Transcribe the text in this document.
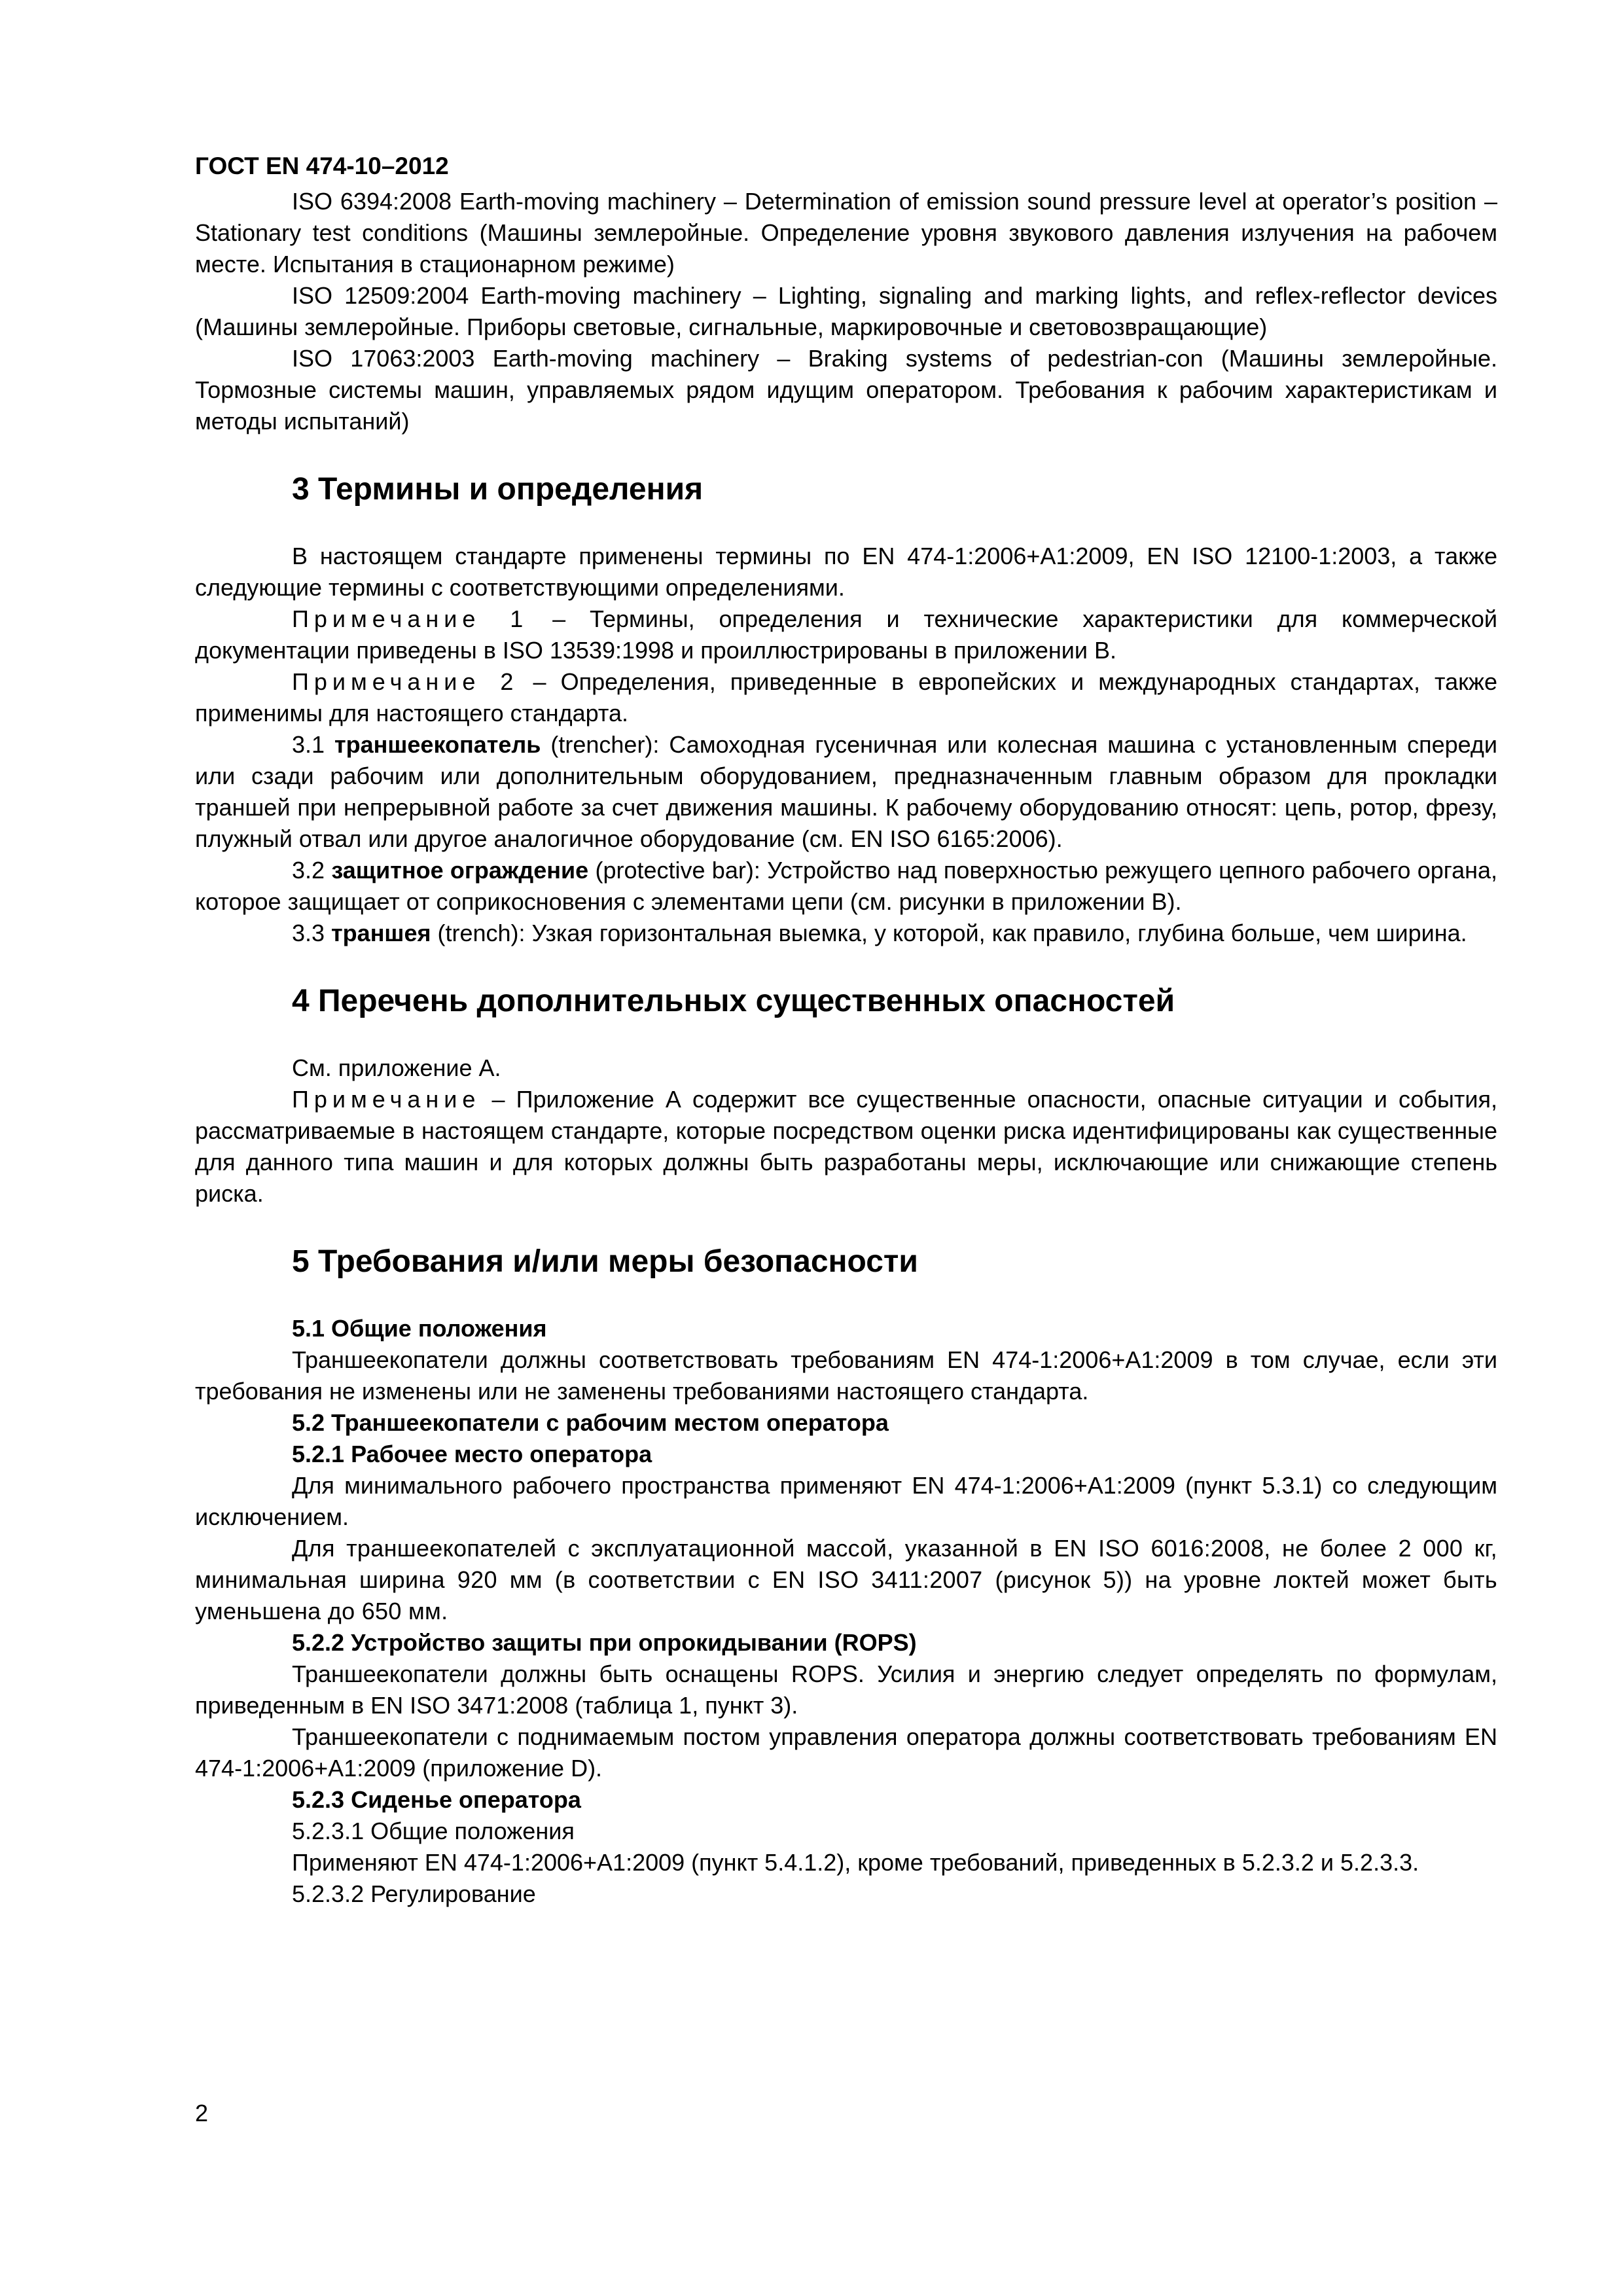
ГОСТ EN 474-10–2012

ISO 6394:2008 Earth-moving machinery – Determination of emission sound pressure level at operator’s position – Stationary test conditions (Машины землеройные. Определение уровня звукового давления излучения на рабочем месте. Испытания в стационарном режиме)

ISO 12509:2004 Earth-moving machinery – Lighting, signaling and marking lights, and reflex-reflector devices (Машины землеройные. Приборы световые, сигнальные, маркировочные и световозвращающие)

ISO 17063:2003 Earth-moving machinery – Braking systems of pedestrian-con (Машины землеройные. Тормозные системы машин, управляемых рядом идущим оператором. Требования к рабочим характеристикам и методы испытаний)

3 Термины и определения

В настоящем стандарте применены термины по EN 474-1:2006+A1:2009, EN ISO 12100-1:2003, а также следующие термины с соответствующими определениями.

Примечание 1 – Термины, определения и технические характеристики для коммерческой документации приведены в ISO 13539:1998 и проиллюстрированы в приложении В.

Примечание 2 – Определения, приведенные в европейских и международных стандартах, также применимы для настоящего стандарта.

3.1 траншеекопатель (trencher): Самоходная гусеничная или колесная машина с установленным спереди или сзади рабочим или дополнительным оборудованием, предназначенным главным образом для прокладки траншей при непрерывной работе за счет движения машины. К рабочему оборудованию относят: цепь, ротор, фрезу, плужный отвал или другое аналогичное оборудование (см. EN ISO 6165:2006).

3.2 защитное ограждение (protective bar): Устройство над поверхностью режущего цепного рабочего органа, которое защищает от соприкосновения с элементами цепи (см. рисунки в приложении В).

3.3 траншея (trench): Узкая горизонтальная выемка, у которой, как правило, глубина больше, чем ширина.

4 Перечень дополнительных существенных опасностей

См. приложение А.

Примечание – Приложение А содержит все существенные опасности, опасные ситуации и события, рассматриваемые в настоящем стандарте, которые посредством оценки риска идентифицированы как существенные для данного типа машин и для которых должны быть разработаны меры, исключающие или снижающие степень риска.

5 Требования и/или меры безопасности
5.1 Общие положения

Траншеекопатели должны соответствовать требованиям EN 474-1:2006+A1:2009 в том случае, если эти требования не изменены или не заменены требованиями настоящего стандарта.

5.2 Траншеекопатели с рабочим местом оператора
5.2.1 Рабочее место оператора

Для минимального рабочего пространства применяют EN 474-1:2006+A1:2009 (пункт 5.3.1) со следующим исключением.

Для траншеекопателей с эксплуатационной массой, указанной в EN ISO 6016:2008, не более 2 000 кг, минимальная ширина 920 мм (в соответствии с EN ISO 3411:2007 (рисунок 5)) на уровне локтей может быть уменьшена до 650 мм.

5.2.2 Устройство защиты при опрокидывании (ROPS)

Траншеекопатели должны быть оснащены ROPS. Усилия и энергию следует определять по формулам, приведенным в EN ISO 3471:2008 (таблица 1, пункт 3).

Траншеекопатели с поднимаемым постом управления оператора должны соответствовать требованиям EN 474-1:2006+A1:2009 (приложение D).

5.2.3 Сиденье оператора

5.2.3.1 Общие положения

Применяют EN 474-1:2006+A1:2009 (пункт 5.4.1.2), кроме требований, приведенных в 5.2.3.2 и 5.2.3.3.

5.2.3.2 Регулирование

2
